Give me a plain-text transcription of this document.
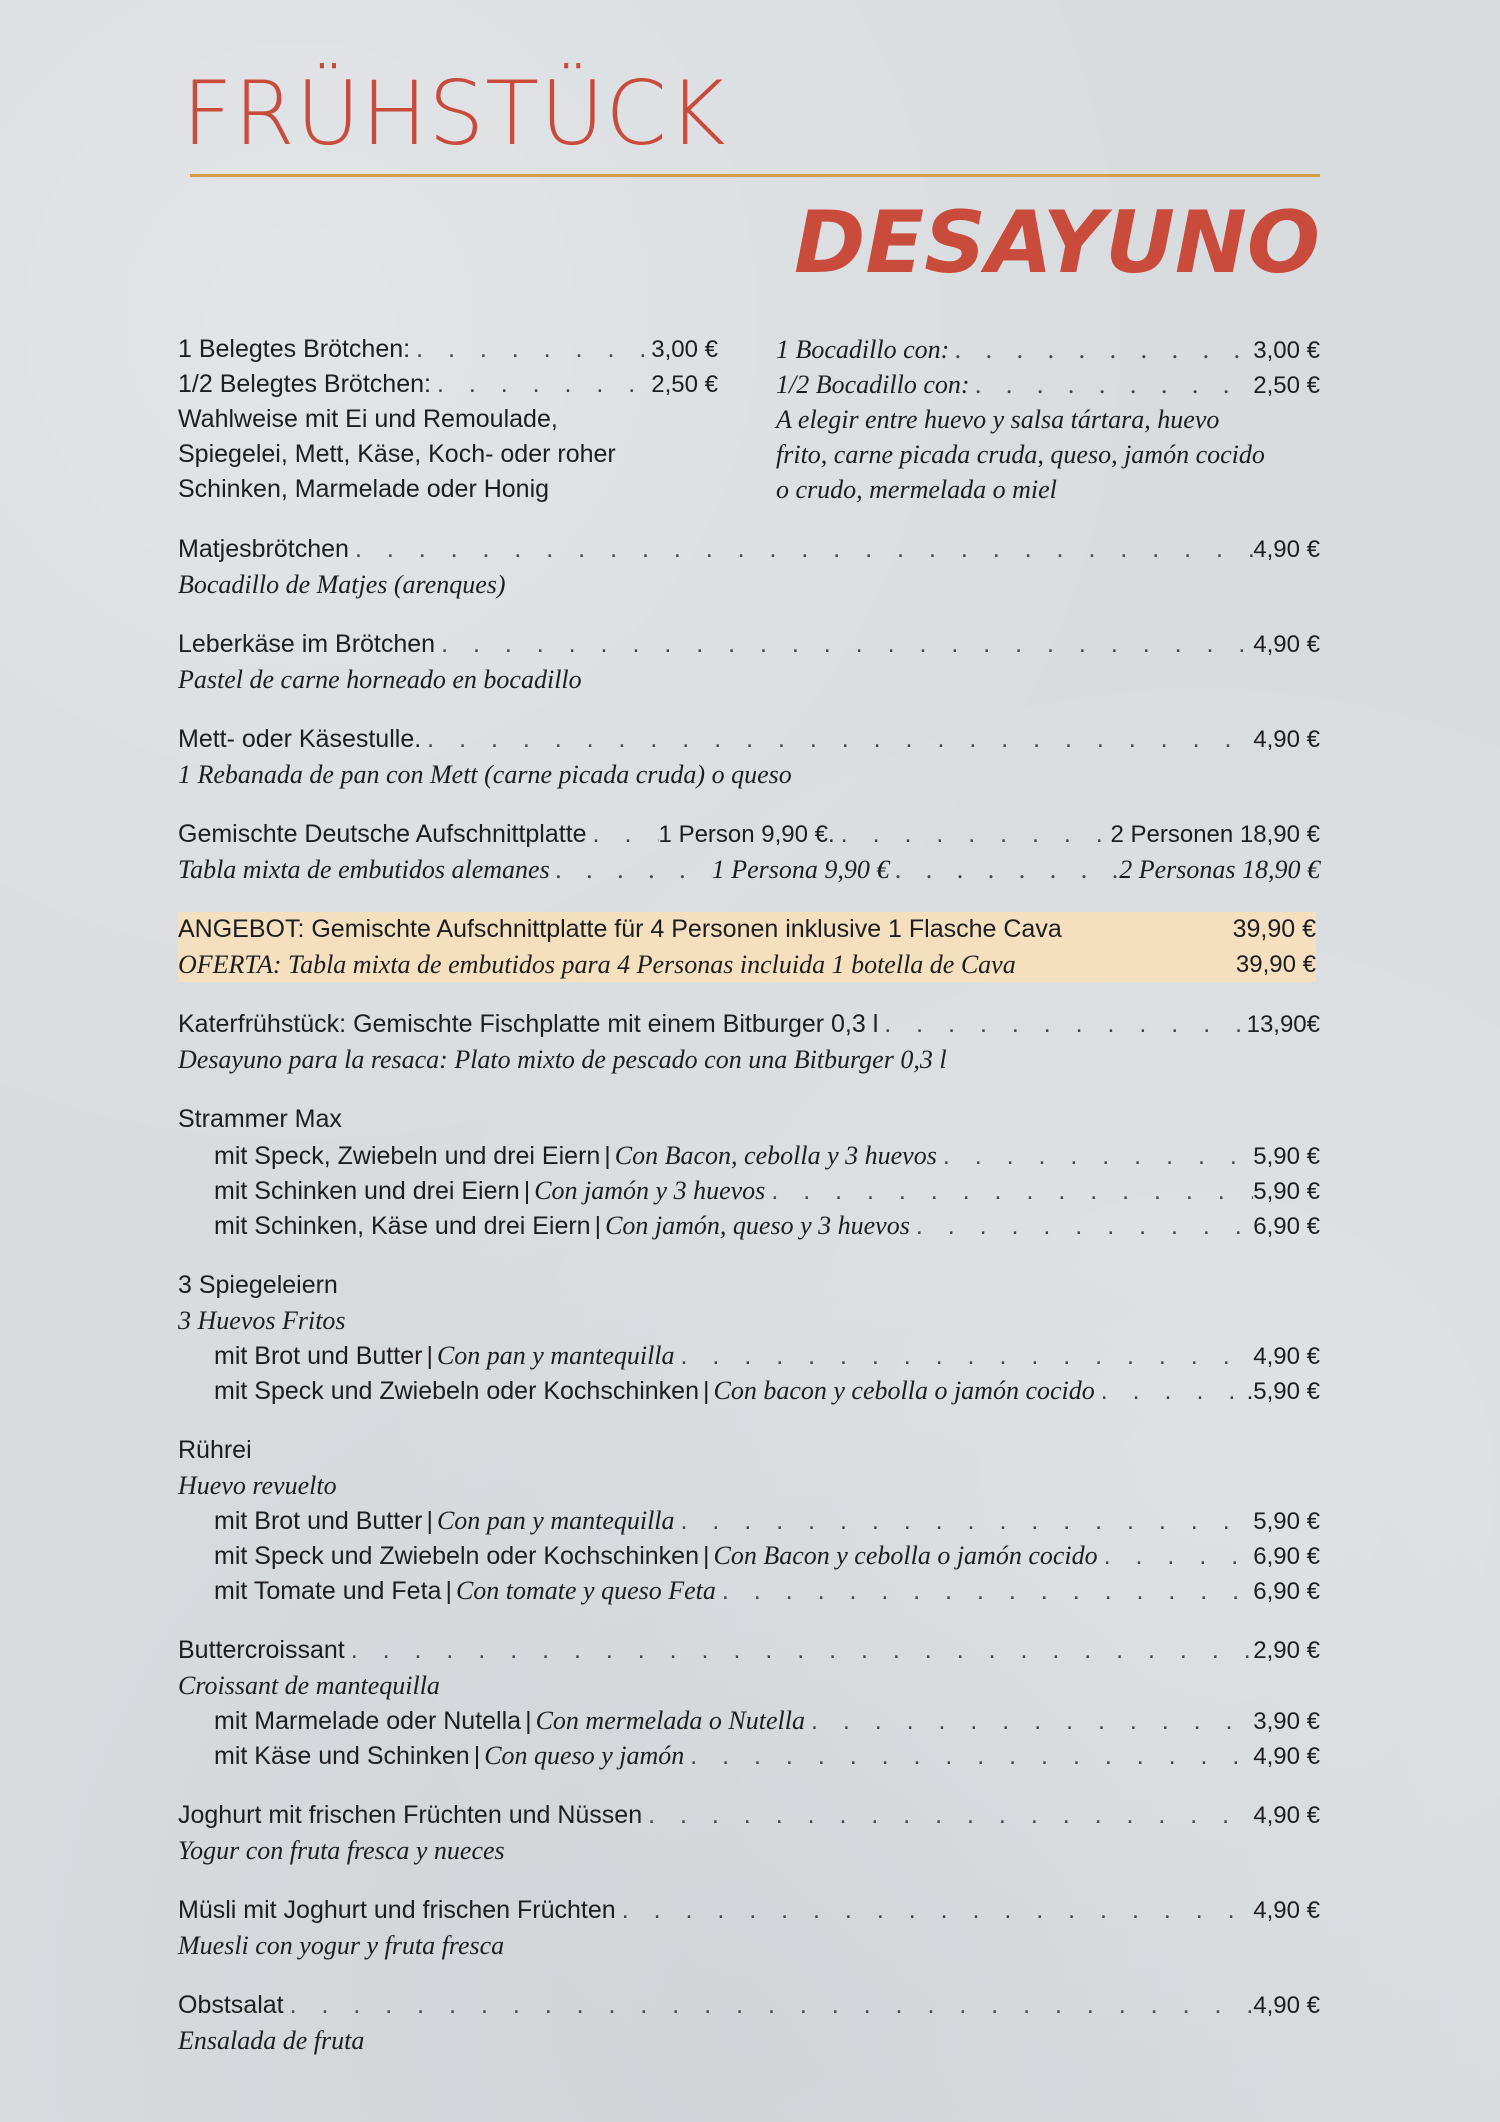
FRÜHSTÜCK
DESAYUNO
1 Belegtes Brötchen: . . .	3,00 €
1/2 Belegtes Brötchen: . . .	2,50 €
Wahlweise mit Ei und Remoulade,
Spiegelei, Mett, Käse, Koch- oder roher
Schinken, Marmelade oder Honig
1 Bocadillo con: . . .	3,00 €
1/2 Bocadillo con: . . .	2,50 €
A elegir entre huevo y salsa tártara, huevo
frito, carne picada cruda, queso, jamón cocido
o crudo, mermelada o miel
Matjesbrötchen . . .	4,90 €
Bocadillo de Matjes (arenques)
Leberkäse im Brötchen . . .	4,90 €
Pastel de carne horneado en bocadillo
Mett- oder Käsestulle. . . .	4,90 €
1 Rebanada de pan con Mett (carne picada cruda) o queso
Gemischte Deutsche Aufschnittplatte . . .	1 Person 9,90 €. . . .	2 Personen 18,90 €
Tabla mixta de embutidos alemanes . . .	1 Persona 9,90 € . . .	2 Personas 18,90 €
ANGEBOT: Gemischte Aufschnittplatte für 4 Personen inklusive 1 Flasche Cava	39,90 €
OFERTA: Tabla mixta de embutidos para 4 Personas incluida 1 botella de Cava	39,90 €
Katerfrühstück: Gemischte Fischplatte mit einem Bitburger 0,3 l . . .	13,90€
Desayuno para la resaca: Plato mixto de pescado con una Bitburger 0,3 l
Strammer Max
mit Speck, Zwiebeln und drei Eiern | Con Bacon, cebolla y 3 huevos . . .	5,90 €
mit Schinken und drei Eiern | Con jamón y 3 huevos . . .	5,90 €
mit Schinken, Käse und drei Eiern | Con jamón, queso y 3 huevos . . .	6,90 €
3 Spiegeleiern
3 Huevos Fritos
mit Brot und Butter | Con pan y mantequilla . . .	4,90 €
mit Speck und Zwiebeln oder Kochschinken | Con bacon y cebolla o jamón cocido . . .	.5,90 €
Rührei
Huevo revuelto
mit Brot und Butter | Con pan y mantequilla . . .	5,90 €
mit Speck und Zwiebeln oder Kochschinken | Con Bacon y cebolla o jamón cocido . . .	6,90 €
mit Tomate und Feta | Con tomate y queso Feta . . .	6,90 €
Buttercroissant . . .	2,90 €
Croissant de mantequilla
mit Marmelade oder Nutella | Con mermelada o Nutella . . .	3,90 €
mit Käse und Schinken | Con queso y jamón . . .	4,90 €
Joghurt mit frischen Früchten und Nüssen . . .	4,90 €
Yogur con fruta fresca y nueces
Müsli mit Joghurt und frischen Früchten . . .	4,90 €
Muesli con yogur y fruta fresca
Obstsalat . . .	4,90 €
Ensalada de fruta
